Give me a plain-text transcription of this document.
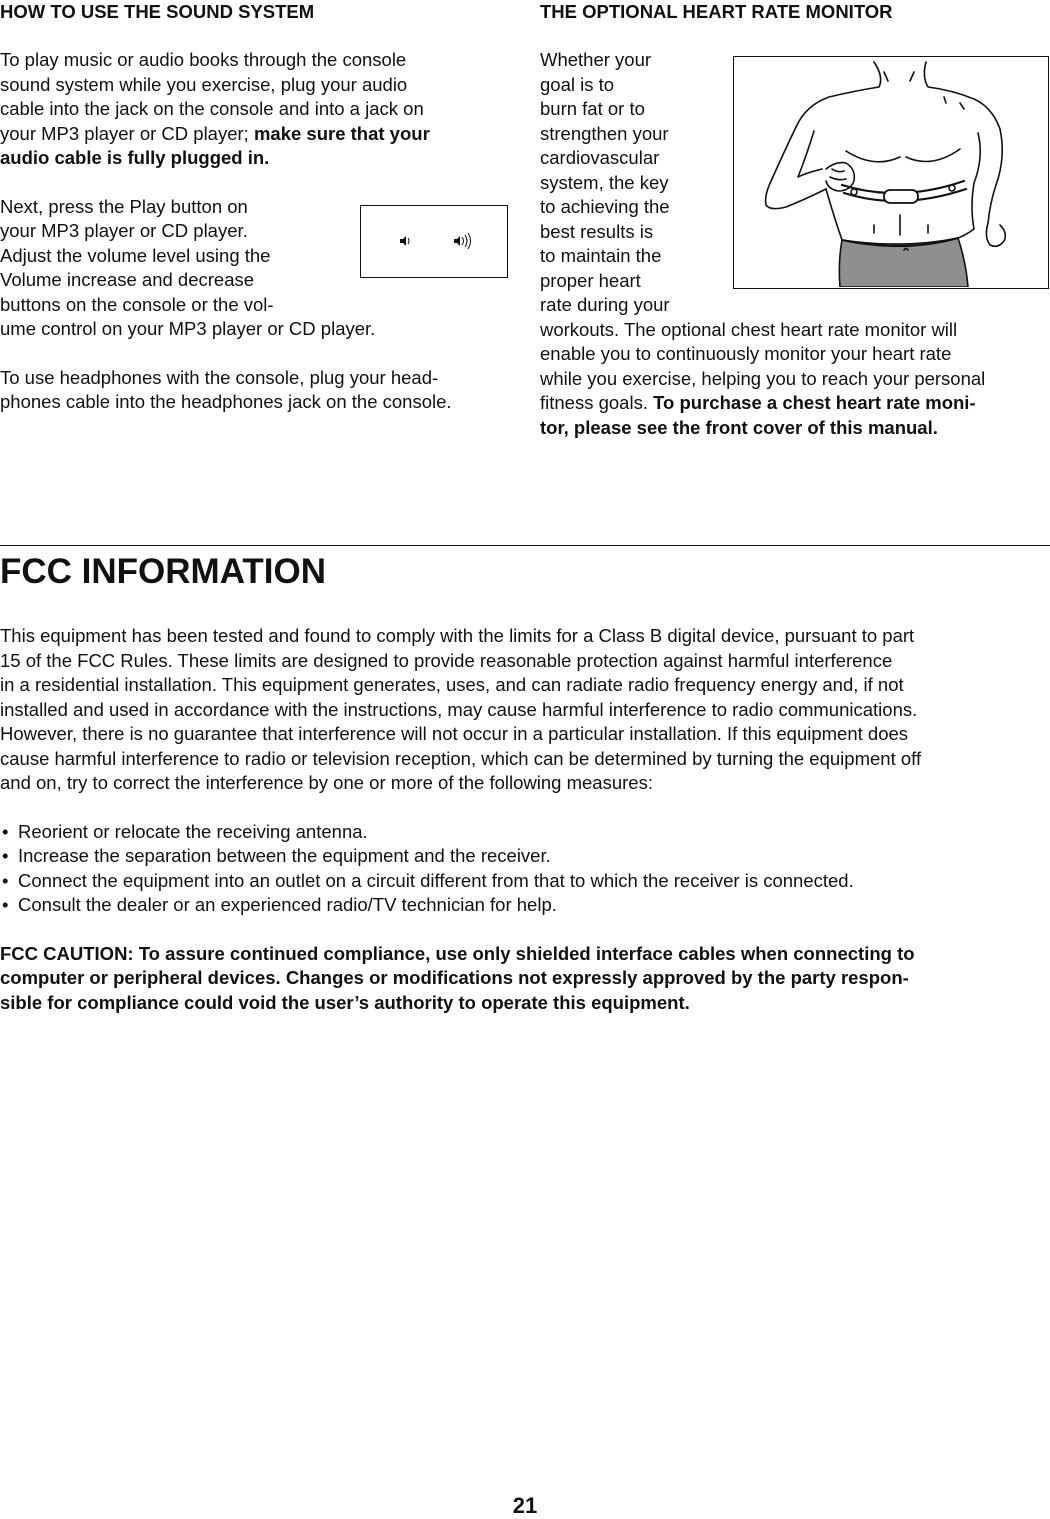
HOW TO USE THE SOUND SYSTEM

To play music or audio books through the console
sound system while you exercise, plug your audio
cable into the jack on the console and into a jack on
your MP3 player or CD player; make sure that your
audio cable is fully plugged in.

Next, press the Play button on
your MP3 player or CD player.
Adjust the volume level using the
Volume increase and decrease
buttons on the console or the vol-
ume control on your MP3 player or CD player.

To use headphones with the console, plug your head-
phones cable into the headphones jack on the console.

THE OPTIONAL HEART RATE MONITOR

Whether your
goal is to
burn fat or to
strengthen your
cardiovascular
system, the key
to achieving the
best results is
to maintain the
proper heart
rate during your
workouts. The optional chest heart rate monitor will
enable you to continuously monitor your heart rate
while you exercise, helping you to reach your personal
fitness goals. To purchase a chest heart rate moni-
tor, please see the front cover of this manual.

FCC INFORMATION

This equipment has been tested and found to comply with the limits for a Class B digital device, pursuant to part
15 of the FCC Rules. These limits are designed to provide reasonable protection against harmful interference
in a residential installation. This equipment generates, uses, and can radiate radio frequency energy and, if not
installed and used in accordance with the instructions, may cause harmful interference to radio communications.
However, there is no guarantee that interference will not occur in a particular installation. If this equipment does
cause harmful interference to radio or television reception, which can be determined by turning the equipment off
and on, try to correct the interference by one or more of the following measures:

• Reorient or relocate the receiving antenna.
• Increase the separation between the equipment and the receiver.
• Connect the equipment into an outlet on a circuit different from that to which the receiver is connected.
• Consult the dealer or an experienced radio/TV technician for help.

FCC CAUTION: To assure continued compliance, use only shielded interface cables when connecting to
computer or peripheral devices. Changes or modifications not expressly approved by the party respon-
sible for compliance could void the user’s authority to operate this equipment.

21
